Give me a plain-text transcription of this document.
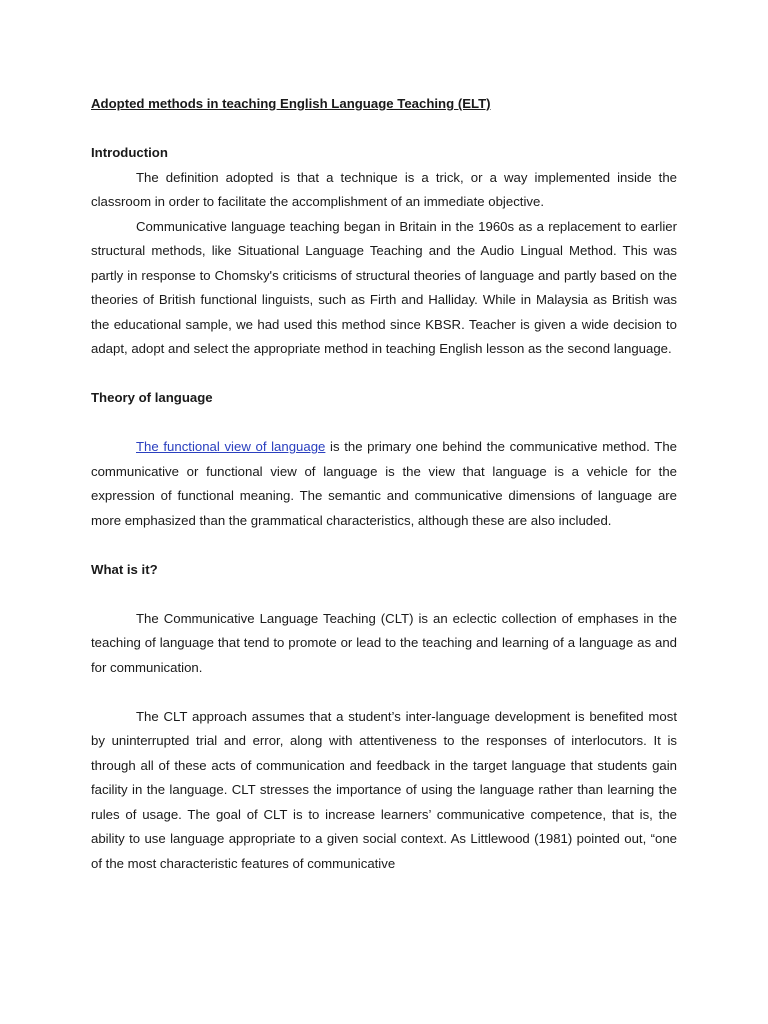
Adopted methods in teaching English Language Teaching (ELT)

Introduction

The definition adopted is that a technique is a trick, or a way implemented inside the classroom in order to facilitate the accomplishment of an immediate objective.

Communicative language teaching began in Britain in the 1960s as a replacement to earlier structural methods, like Situational Language Teaching and the Audio Lingual Method. This was partly in response to Chomsky's criticisms of structural theories of language and partly based on the theories of British functional linguists, such as Firth and Halliday. While in Malaysia as British was the educational sample, we had used this method since KBSR. Teacher is given a wide decision to adapt, adopt and select the appropriate method in teaching English lesson as the second language.

Theory of language

The functional view of language is the primary one behind the communicative method. The communicative or functional view of language is the view that language is a vehicle for the expression of functional meaning. The semantic and communicative dimensions of language are more emphasized than the grammatical characteristics, although these are also included.

What is it?

The Communicative Language Teaching (CLT) is an eclectic collection of emphases in the teaching of language that tend to promote or lead to the teaching and learning of a language as and for communication.

The CLT approach assumes that a student’s inter-language development is benefited most by uninterrupted trial and error, along with attentiveness to the responses of interlocutors. It is through all of these acts of communication and feedback in the target language that students gain facility in the language. CLT stresses the importance of using the language rather than learning the rules of usage. The goal of CLT is to increase learners’ communicative competence, that is, the ability to use language appropriate to a given social context. As Littlewood (1981) pointed out, “one of the most characteristic features of communicative
